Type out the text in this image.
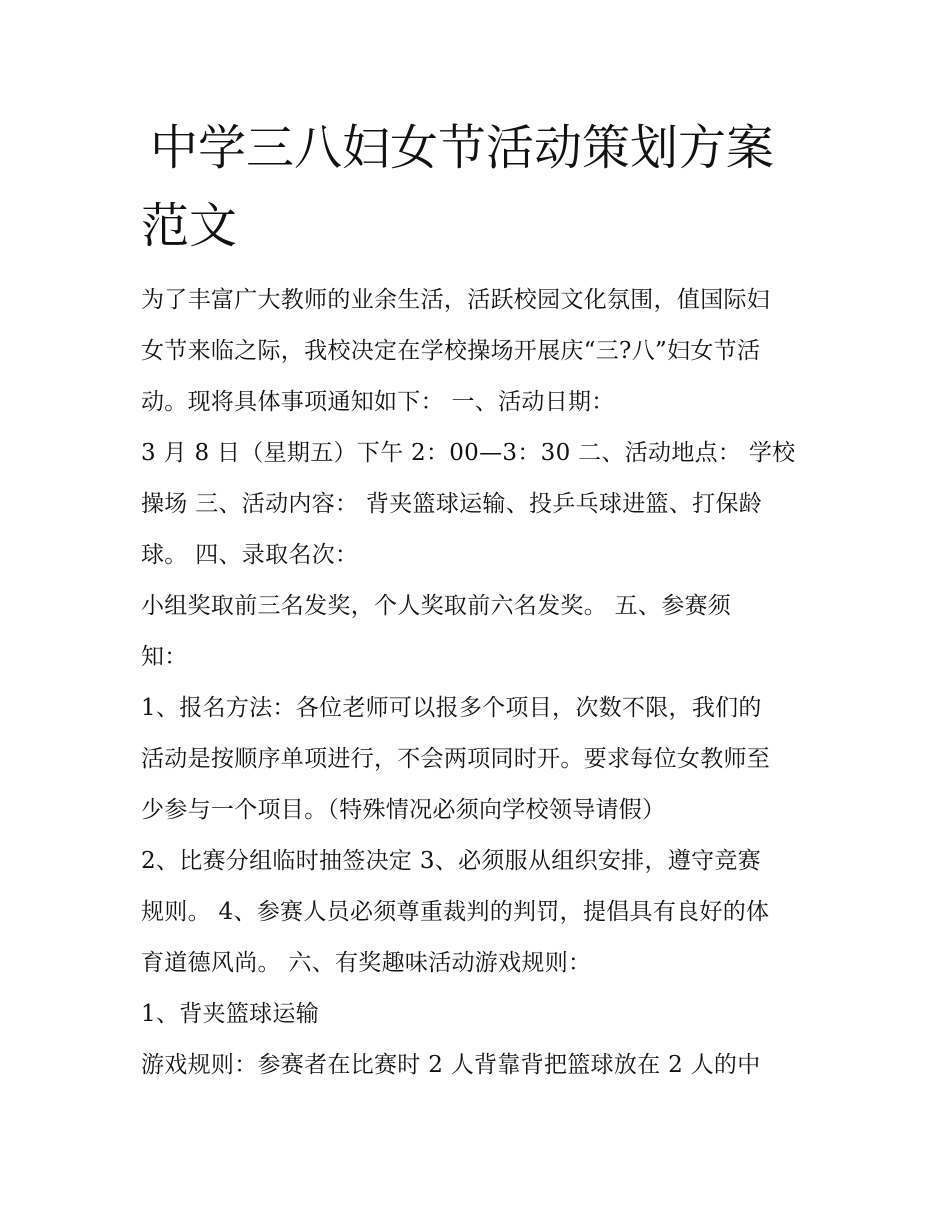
中学三八妇女节活动策划方案
范文
为了丰富广大教师的业余生活，活跃校园文化氛围，值国际妇
女节来临之际，我校决定在学校操场开展庆“三?八”妇女节活
动。现将具体事项通知如下： 一、活动日期：
3 月 8 日（星期五）下午 2：00—3：30 二、活动地点： 学校
操场 三、活动内容： 背夹篮球运输、投乒乓球进篮、打保龄
球。 四、录取名次：
小组奖取前三名发奖，个人奖取前六名发奖。 五、参赛须
知：
1、报名方法：各位老师可以报多个项目，次数不限，我们的
活动是按顺序单项进行，不会两项同时开。要求每位女教师至
少参与一个项目。（特殊情况必须向学校领导请假）
2、比赛分组临时抽签决定 3、必须服从组织安排，遵守竞赛
规则。 4、参赛人员必须尊重裁判的判罚，提倡具有良好的体
育道德风尚。 六、有奖趣味活动游戏规则：
1、背夹篮球运输
游戏规则：参赛者在比赛时 2 人背靠背把篮球放在 2 人的中
